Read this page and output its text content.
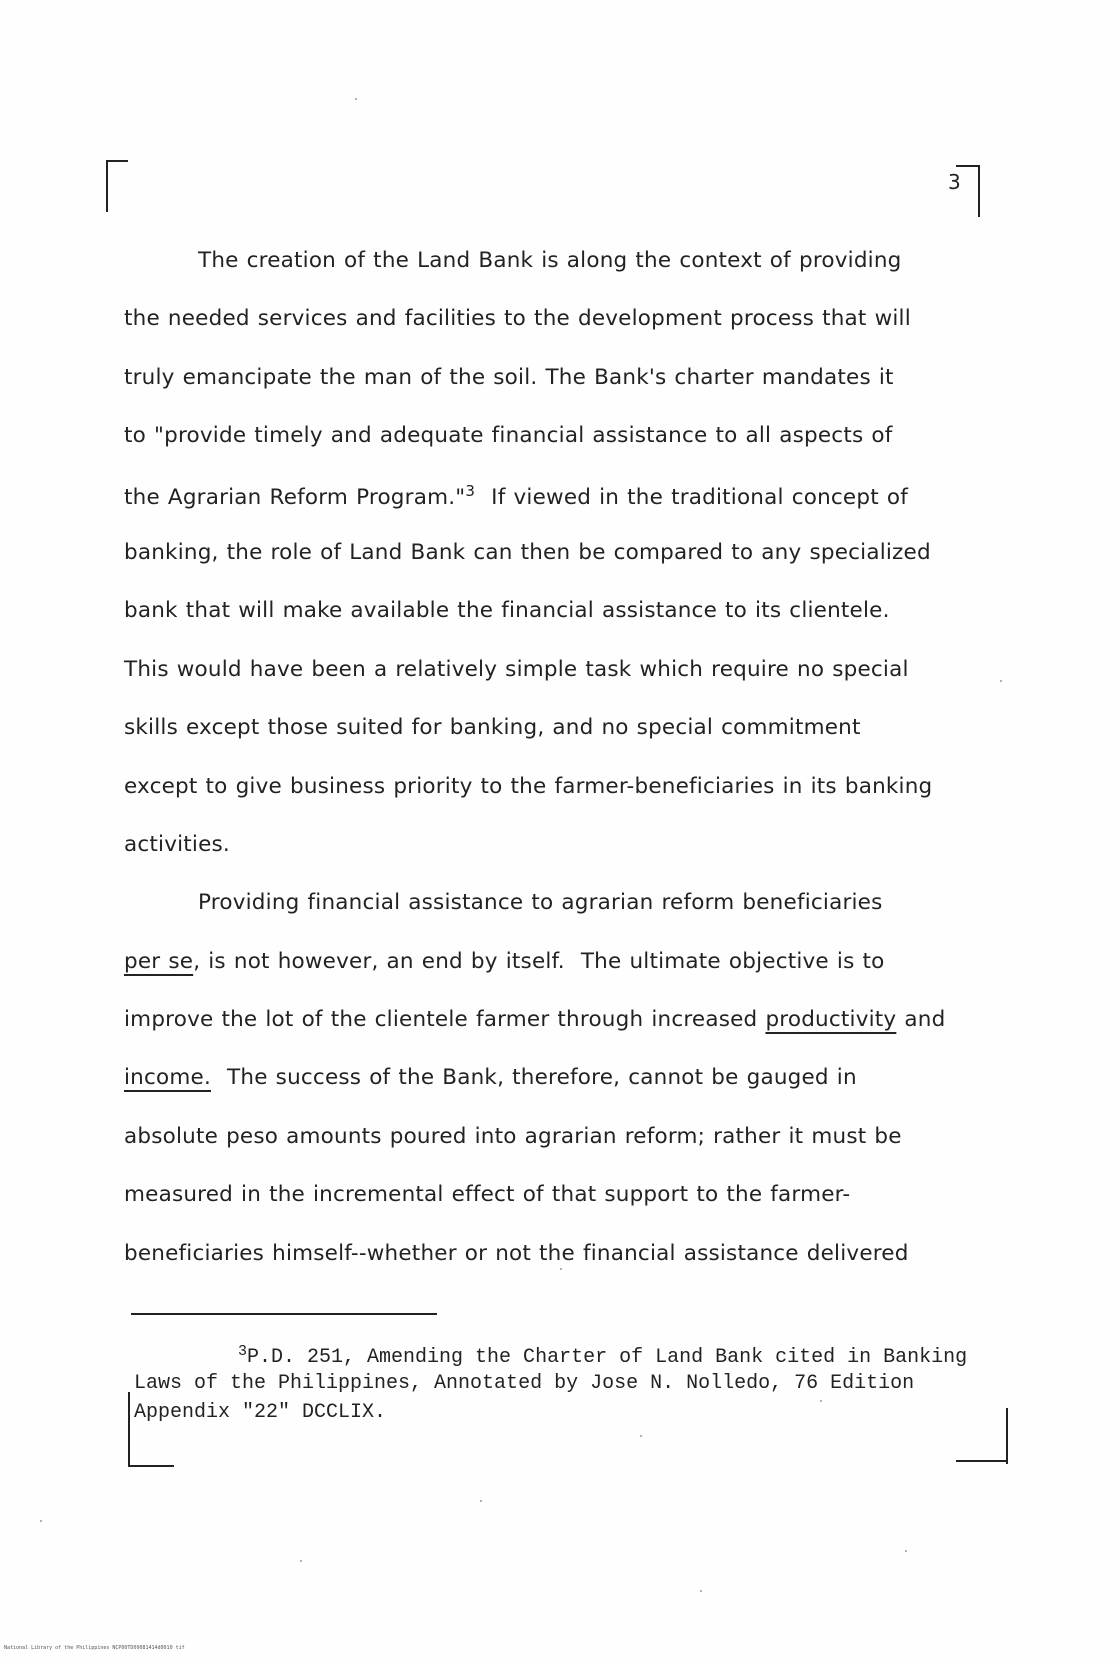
3
The creation of the Land Bank is along the context of providing
the needed services and facilities to the development process that will
truly emancipate the man of the soil. The Bank's charter mandates it
to "provide timely and adequate financial assistance to all aspects of
the Agrarian Reform Program."$^3$  If viewed in the traditional concept of
banking, the role of Land Bank can then be compared to any specialized
bank that will make available the financial assistance to its clientele.
This would have been a relatively simple task which require no special
skills except those suited for banking, and no special commitment
except to give business priority to the farmer-beneficiaries in its banking
activities.
Providing financial assistance to agrarian reform beneficiaries
per se, is not however, an end by itself.  The ultimate objective is to
improve the lot of the clientele farmer through increased productivity and
income.  The success of the Bank, therefore, cannot be gauged in
absolute peso amounts poured into agrarian reform; rather it must be
measured in the incremental effect of that support to the farmer-
beneficiaries himself--whether or not the financial assistance delivered
$^3$P.D. 251, Amending the Charter of Land Bank cited in Banking
Laws of the Philippines, Annotated by Jose N. Nolledo, 76 Edition
Appendix "22" DCCLIX.
National Library of the Philippines NCP00TD09081414d0010 tif
